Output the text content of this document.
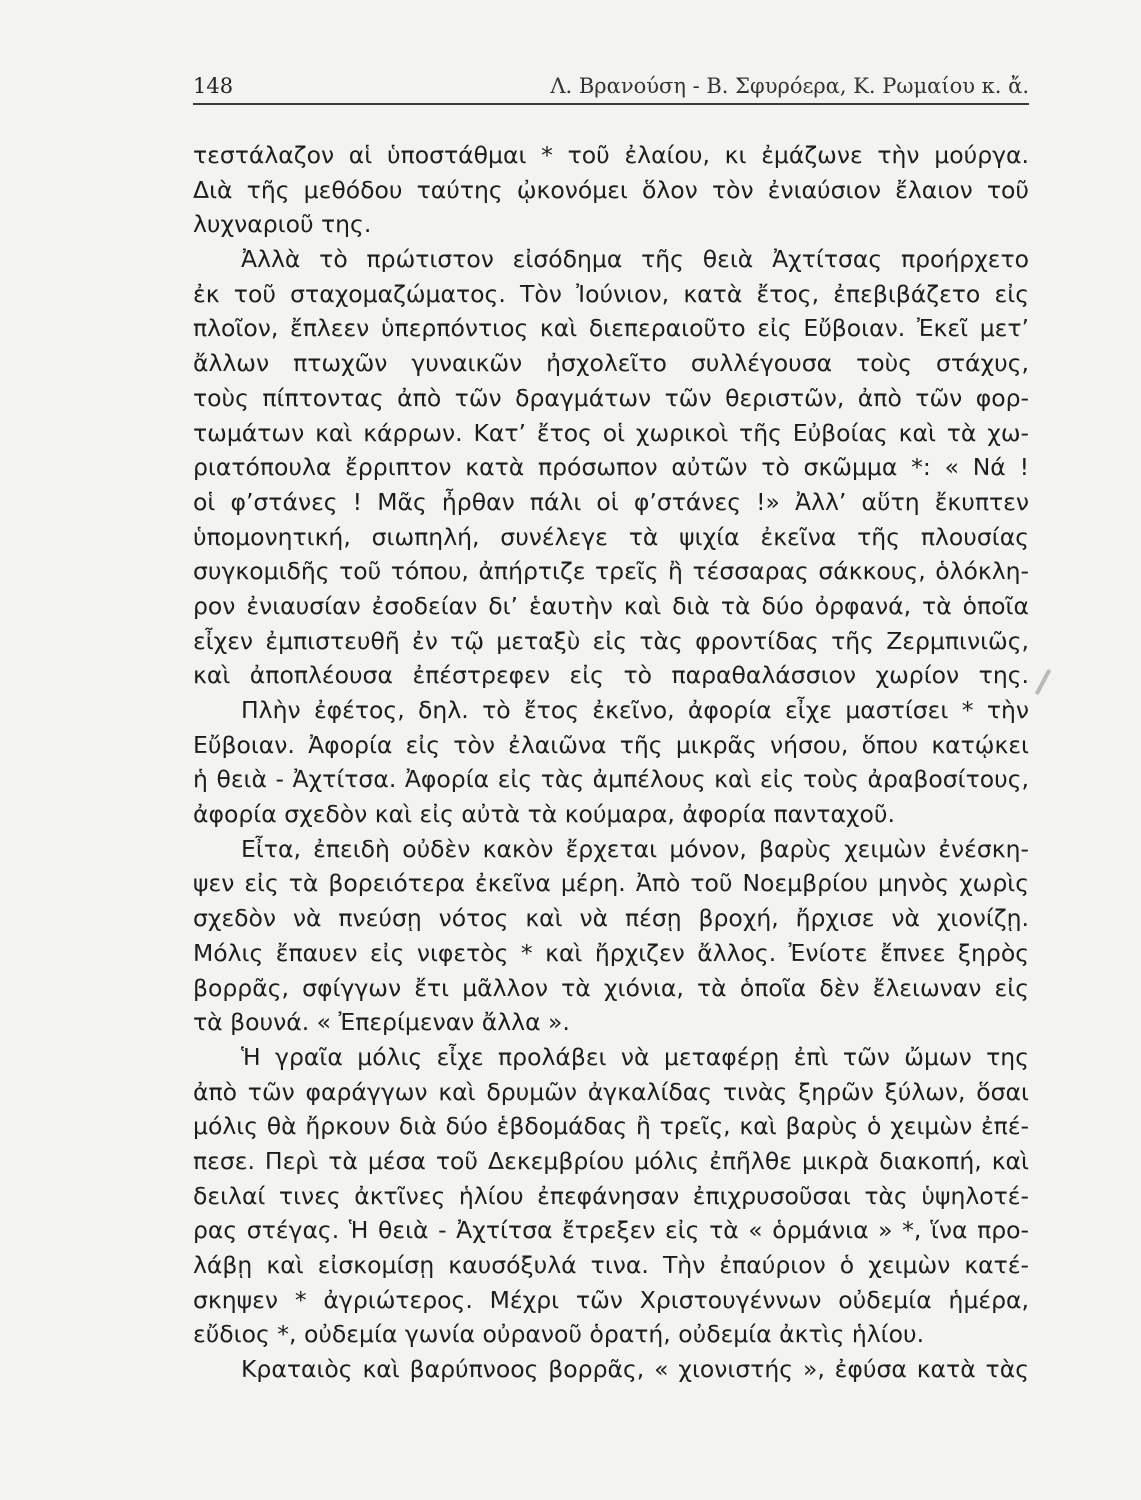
148	Λ. Βρανούση - Β. Σφυρόερα, Κ. Ρωμαίου κ. ἄ.
τεστάλαζον αἱ ὑποστάθμαι * τοῦ ἐλαίου, κι ἐμάζωνε τὴν μούργα.
Διὰ τῆς μεθόδου ταύτης ᾠκονόμει ὅλον τὸν ἐνιαύσιον ἔλαιον τοῦ
λυχναριοῦ της.
Ἀλλὰ τὸ πρώτιστον εἰσόδημα τῆς θειὰ Ἀχτίτσας προήρχετο
ἐκ τοῦ σταχομαζώματος. Τὸν Ἰούνιον, κατὰ ἔτος, ἐπεβιβάζετο εἰς
πλοῖον, ἔπλεεν ὑπερπόντιος καὶ διεπεραιοῦτο εἰς Εὔβοιαν. Ἐκεῖ μετ’
ἄλλων πτωχῶν γυναικῶν ἠσχολεῖτο συλλέγουσα τοὺς στάχυς,
τοὺς πίπτοντας ἀπὸ τῶν δραγμάτων τῶν θεριστῶν, ἀπὸ τῶν φορ-
τωμάτων καὶ κάρρων. Κατ’ ἔτος οἱ χωρικοὶ τῆς Εὐβοίας καὶ τὰ χω-
ριατόπουλα ἔρριπτον κατὰ πρόσωπον αὐτῶν τὸ σκῶμμα *: « Νά !
οἱ φ’στάνες ! Μᾶς ἦρθαν πάλι οἱ φ’στάνες !» Ἀλλ’ αὕτη ἔκυπτεν
ὑπομονητική, σιωπηλή, συνέλεγε τὰ ψιχία ἐκεῖνα τῆς πλουσίας
συγκομιδῆς τοῦ τόπου, ἀπήρτιζε τρεῖς ἢ τέσσαρας σάκκους, ὁλόκλη-
ρον ἐνιαυσίαν ἐσοδείαν δι’ ἑαυτὴν καὶ διὰ τὰ δύο ὀρφανά, τὰ ὁποῖα
εἶχεν ἐμπιστευθῆ ἐν τῷ μεταξὺ εἰς τὰς φροντίδας τῆς Ζερμπινιῶς,
καὶ ἀποπλέουσα ἐπέστρεφεν εἰς τὸ παραθαλάσσιον χωρίον της.
Πλὴν ἐφέτος, δηλ. τὸ ἔτος ἐκεῖνο, ἀφορία εἶχε μαστίσει * τὴν
Εὔβοιαν. Ἀφορία εἰς τὸν ἐλαιῶνα τῆς μικρᾶς νήσου, ὅπου κατῴκει
ἡ θειὰ - Ἀχτίτσα. Ἀφορία εἰς τὰς ἀμπέλους καὶ εἰς τοὺς ἀραβοσίτους,
ἀφορία σχεδὸν καὶ εἰς αὐτὰ τὰ κούμαρα, ἀφορία πανταχοῦ.
Εἶτα, ἐπειδὴ οὐδὲν κακὸν ἔρχεται μόνον, βαρὺς χειμὼν ἐνέσκη-
ψεν εἰς τὰ βορειότερα ἐκεῖνα μέρη. Ἀπὸ τοῦ Νοεμβρίου μηνὸς χωρὶς
σχεδὸν νὰ πνεύσῃ νότος καὶ νὰ πέσῃ βροχή, ἤρχισε νὰ χιονίζῃ.
Μόλις ἔπαυεν εἰς νιφετὸς * καὶ ἤρχιζεν ἄλλος. Ἐνίοτε ἔπνεε ξηρὸς
βορρᾶς, σφίγγων ἔτι μᾶλλον τὰ χιόνια, τὰ ὁποῖα δὲν ἔλειωναν εἰς
τὰ βουνά. « Ἐπερίμεναν ἄλλα ».
Ἡ γραῖα μόλις εἶχε προλάβει νὰ μεταφέρῃ ἐπὶ τῶν ὤμων της
ἀπὸ τῶν φαράγγων καὶ δρυμῶν ἀγκαλίδας τινὰς ξηρῶν ξύλων, ὅσαι
μόλις θὰ ἤρκουν διὰ δύο ἑβδομάδας ἢ τρεῖς, καὶ βαρὺς ὁ χειμὼν ἐπέ-
πεσε. Περὶ τὰ μέσα τοῦ Δεκεμβρίου μόλις ἐπῆλθε μικρὰ διακοπή, καὶ
δειλαί τινες ἀκτῖνες ἡλίου ἐπεφάνησαν ἐπιχρυσοῦσαι τὰς ὑψηλοτέ-
ρας στέγας. Ἡ θειὰ - Ἀχτίτσα ἔτρεξεν εἰς τὰ « ὁρμάνια » *, ἵνα προ-
λάβῃ καὶ εἰσκομίσῃ καυσόξυλά τινα. Τὴν ἐπαύριον ὁ χειμὼν κατέ-
σκηψεν * ἀγριώτερος. Μέχρι τῶν Χριστουγέννων οὐδεμία ἡμέρα,
εὔδιος *, οὐδεμία γωνία οὐρανοῦ ὁρατή, οὐδεμία ἀκτὶς ἡλίου.
Κραταιὸς καὶ βαρύπνοος βορρᾶς, « χιονιστής », ἐφύσα κατὰ τὰς
